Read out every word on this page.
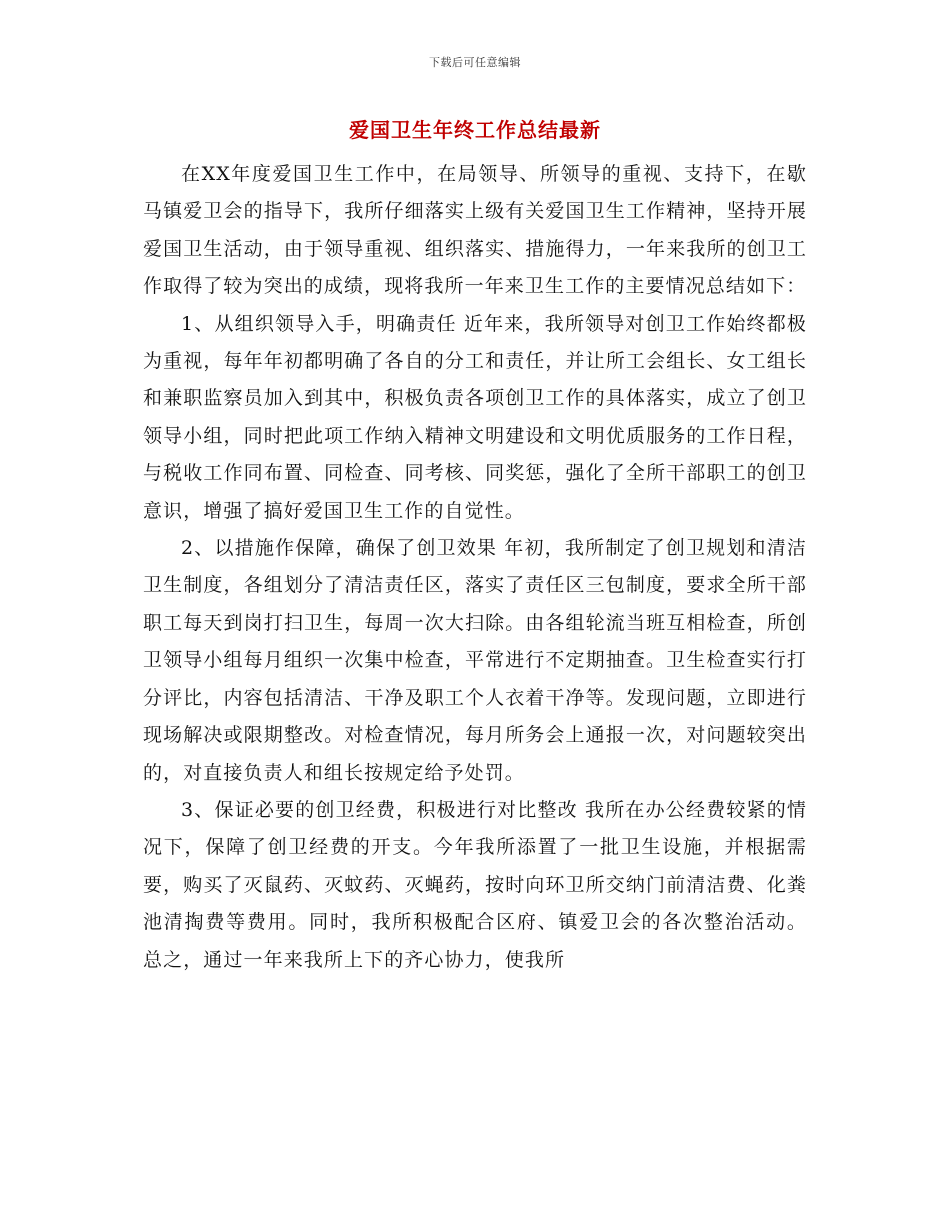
下载后可任意编辑
爱国卫生年终工作总结最新

在XX年度爱国卫生工作中，在局领导、所领导的重视、支持下，在歇马镇爱卫会的指导下，我所仔细落实上级有关爱国卫生工作精神，坚持开展爱国卫生活动，由于领导重视、组织落实、措施得力，一年来我所的创卫工作取得了较为突出的成绩，现将我所一年来卫生工作的主要情况总结如下：

1、从组织领导入手，明确责任 近年来，我所领导对创卫工作始终都极为重视，每年年初都明确了各自的分工和责任，并让所工会组长、女工组长和兼职监察员加入到其中，积极负责各项创卫工作的具体落实，成立了创卫领导小组，同时把此项工作纳入精神文明建设和文明优质服务的工作日程，与税收工作同布置、同检查、同考核、同奖惩，强化了全所干部职工的创卫意识，增强了搞好爱国卫生工作的自觉性。

2、以措施作保障，确保了创卫效果 年初，我所制定了创卫规划和清洁卫生制度，各组划分了清洁责任区，落实了责任区三包制度，要求全所干部职工每天到岗打扫卫生，每周一次大扫除。由各组轮流当班互相检查，所创卫领导小组每月组织一次集中检查，平常进行不定期抽查。卫生检查实行打分评比，内容包括清洁、干净及职工个人衣着干净等。发现问题，立即进行现场解决或限期整改。对检查情况，每月所务会上通报一次，对问题较突出的，对直接负责人和组长按规定给予处罚。

3、保证必要的创卫经费，积极进行对比整改 我所在办公经费较紧的情况下，保障了创卫经费的开支。今年我所添置了一批卫生设施，并根据需要，购买了灭鼠药、灭蚊药、灭蝇药，按时向环卫所交纳门前清洁费、化粪池清掏费等费用。同时，我所积极配合区府、镇爱卫会的各次整治活动。 总之，通过一年来我所上下的齐心协力，使我所
